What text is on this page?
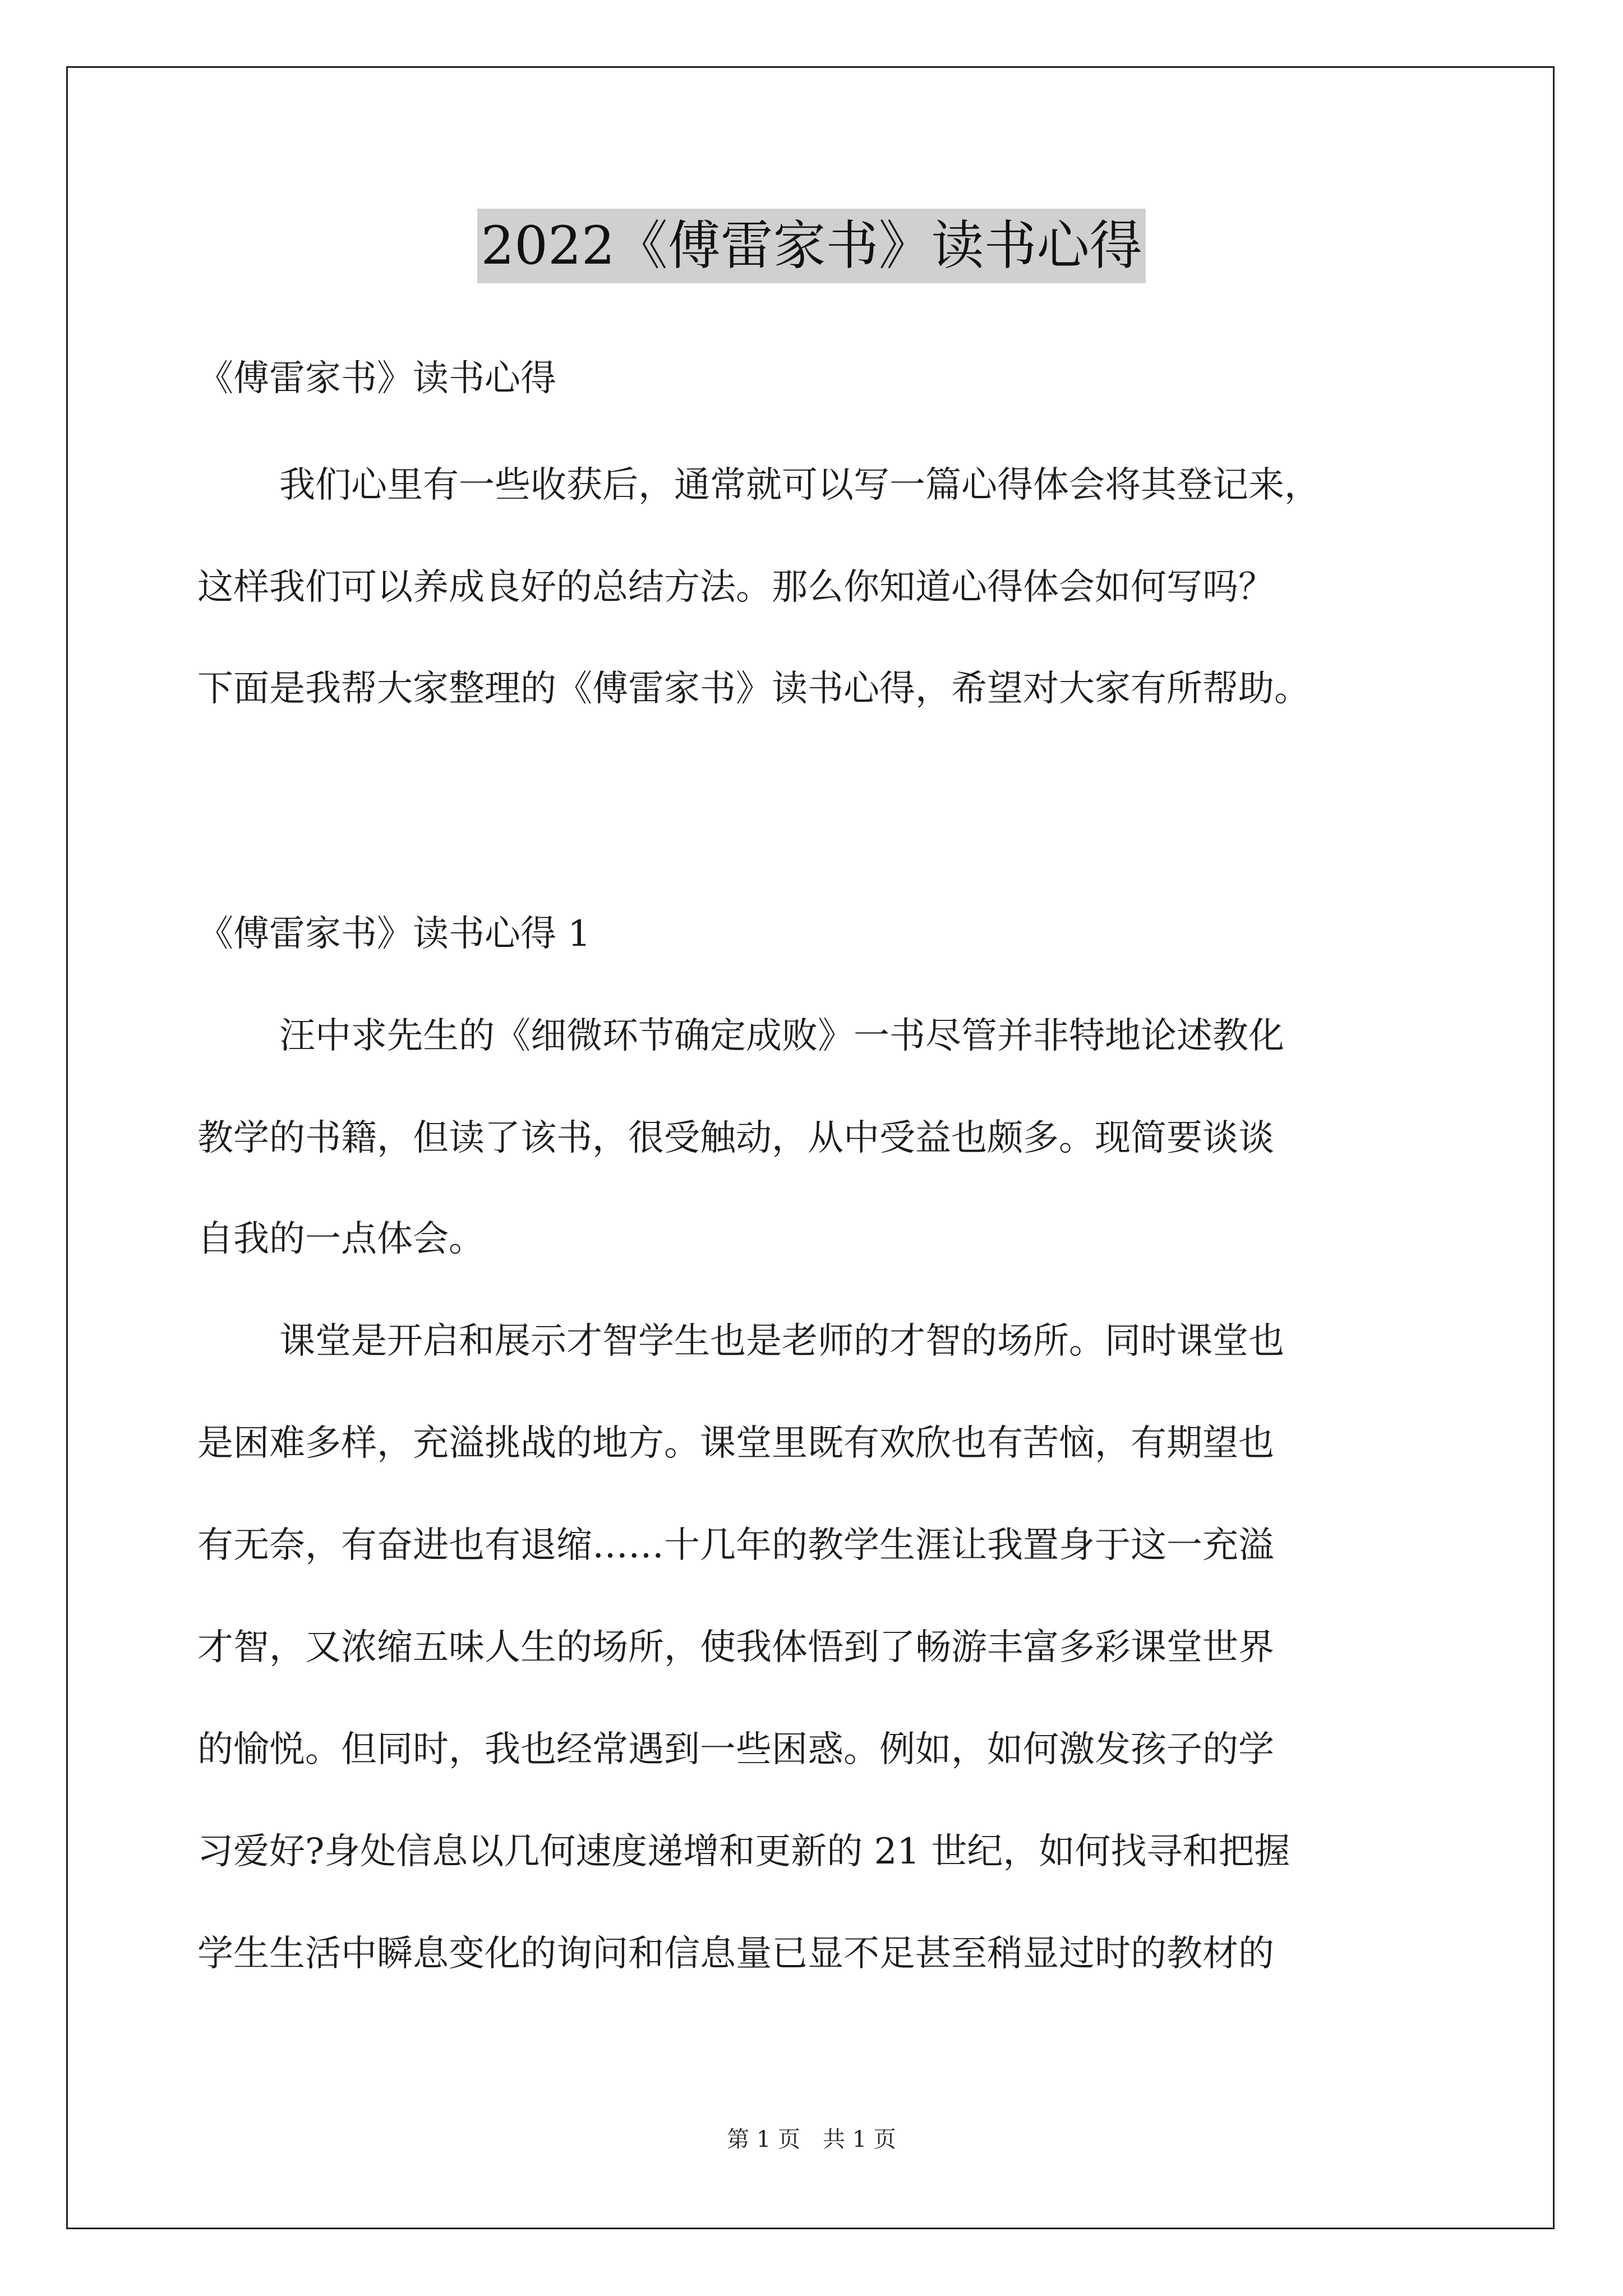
2022《傅雷家书》读书心得
《傅雷家书》读书心得
我们心里有一些收获后，通常就可以写一篇心得体会将其登记来，
这样我们可以养成良好的总结方法。那么你知道心得体会如何写吗？
下面是我帮大家整理的《傅雷家书》读书心得，希望对大家有所帮助。
《傅雷家书》读书心得 1
汪中求先生的《细微环节确定成败》一书尽管并非特地论述教化
教学的书籍，但读了该书，很受触动，从中受益也颇多。现简要谈谈
自我的一点体会。
课堂是开启和展示才智学生也是老师的才智的场所。同时课堂也
是困难多样，充溢挑战的地方。课堂里既有欢欣也有苦恼，有期望也
有无奈，有奋进也有退缩……十几年的教学生涯让我置身于这一充溢
才智，又浓缩五味人生的场所，使我体悟到了畅游丰富多彩课堂世界
的愉悦。但同时，我也经常遇到一些困惑。例如，如何激发孩子的学
习爱好?身处信息以几何速度递增和更新的 21 世纪，如何找寻和把握
学生生活中瞬息变化的询问和信息量已显不足甚至稍显过时的教材的
第 1 页　共 1 页
